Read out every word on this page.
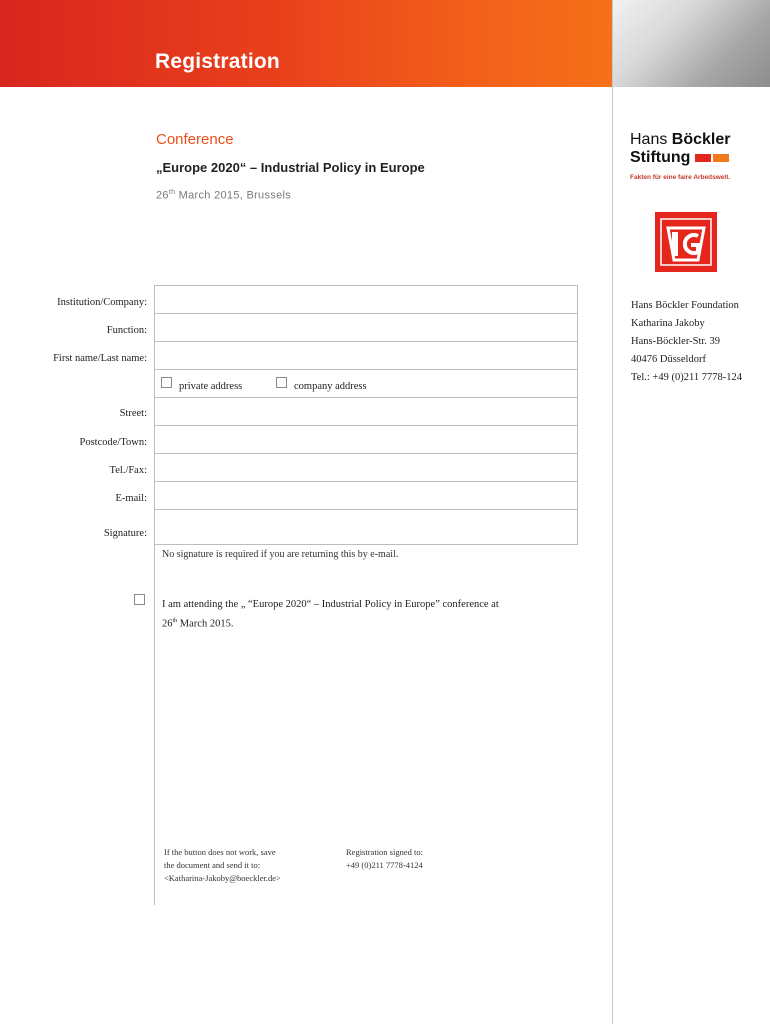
Registration
Conference
„Europe 2020“ – Industrial Policy in Europe
26th March 2015, Brussels
Hans Böckler
Stiftung
Fakten für eine faire Arbeitswelt.
Hans Böckler Foundation
Katharina Jakoby
Hans-Böckler-Str. 39
40476 Düsseldorf
Tel.: +49 (0)211 7778-124
Institution/Company:
Function:
First name/Last name:
private address	company address
Street:
Postcode/Town:
Tel./Fax:
E-mail:
Signature:
No signature is required if you are returning this by e-mail.
I am attending the „ “Europe 2020“ – Industrial Policy in Europe” conference at
26th March 2015.
If the button does not work, save
the document and send it to:
<Katharina-Jakoby@boeckler.de>
Registration signed to:
+49 (0)211 7778-4124
